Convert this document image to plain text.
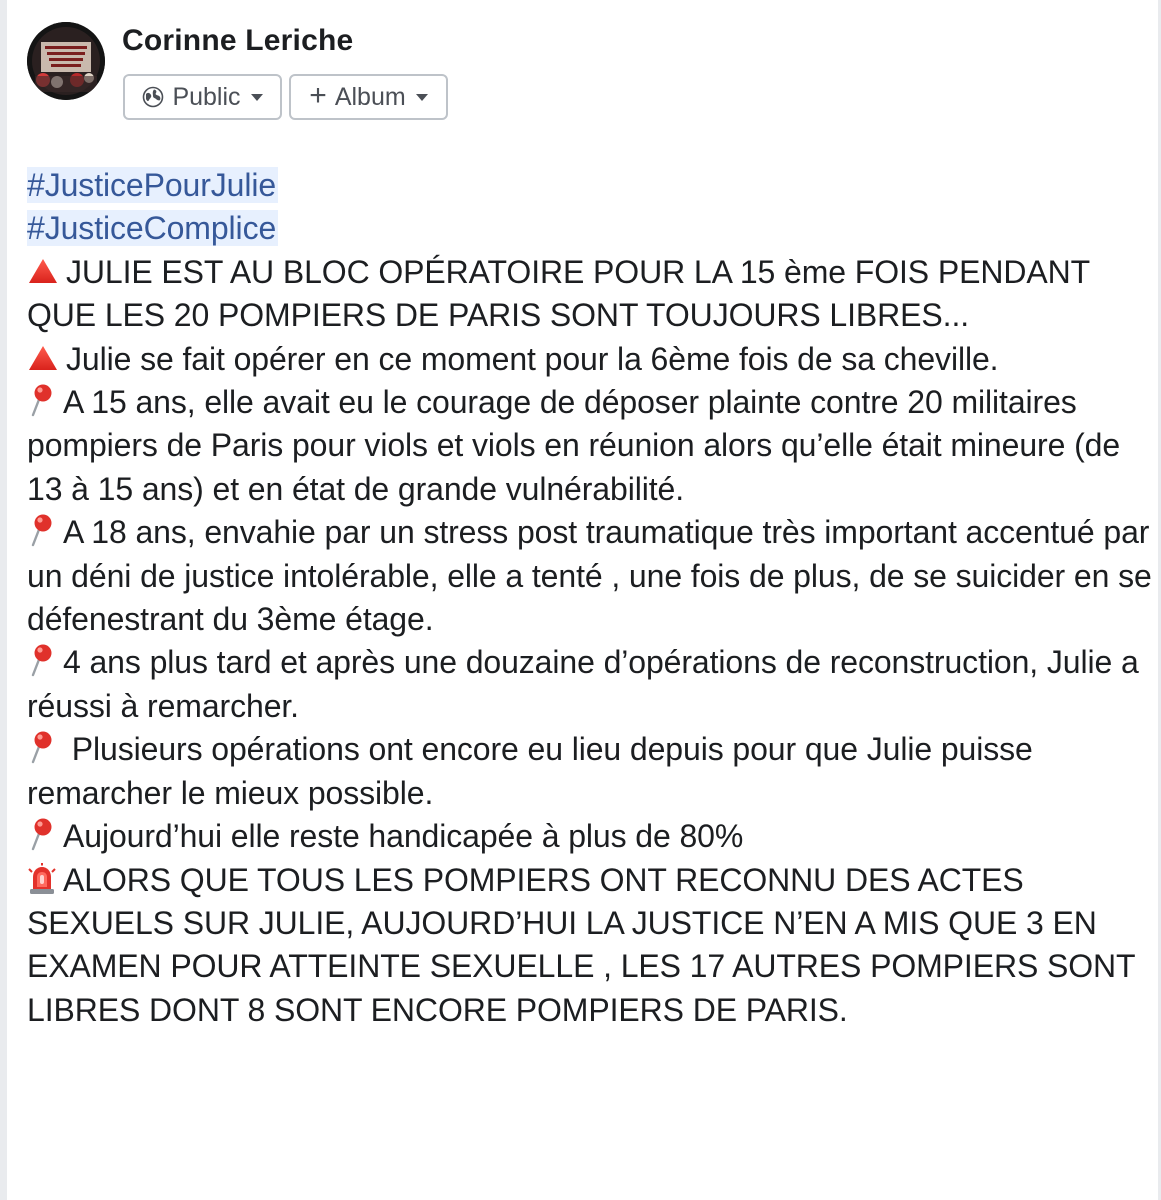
Corinne Leriche
Public + Album

#JusticePourJulie

#JusticeComplice

JULIE EST AU BLOC OPÉRATOIRE POUR LA 15 ème FOIS PENDANT QUE LES 20 POMPIERS DE PARIS SONT TOUJOURS LIBRES...

Julie se fait opérer en ce moment pour la 6ème fois de sa cheville.

A 15 ans, elle avait eu le courage de déposer plainte contre 20 militaires pompiers de Paris pour viols et viols en réunion alors qu’elle était mineure (de 13 à 15 ans) et en état de grande vulnérabilité.

A 18 ans, envahie par un stress post traumatique très important accentué par un déni de justice intolérable, elle a tenté , une fois de plus, de se suicider en se défenestrant du 3ème étage.

4 ans plus tard et après une douzaine d’opérations de reconstruction, Julie a réussi à remarcher.

Plusieurs opérations ont encore eu lieu depuis pour que Julie puisse remarcher le mieux possible.

Aujourd’hui elle reste handicapée à plus de 80%

ALORS QUE TOUS LES POMPIERS ONT RECONNU DES ACTES SEXUELS SUR JULIE, AUJOURD’HUI LA JUSTICE N’EN A MIS QUE 3 EN EXAMEN POUR ATTEINTE SEXUELLE , LES 17 AUTRES POMPIERS SONT LIBRES DONT 8 SONT ENCORE POMPIERS DE PARIS.
